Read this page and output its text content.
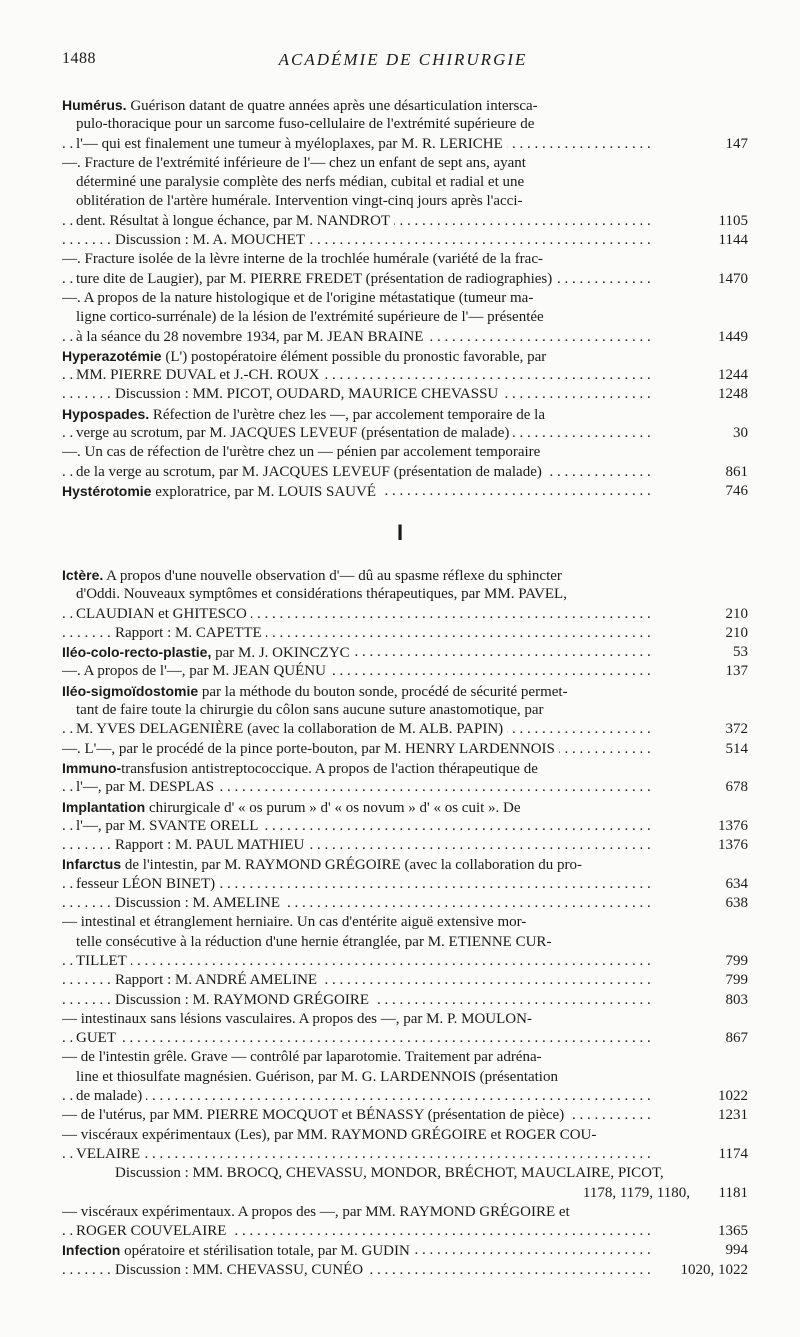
1488	ACADÉMIE DE CHIRURGIE
Humérus. Guérison datant de quatre années après une désarticulation intersca-
pulo-thoracique pour un sarcome fuso-cellulaire de l'extrémité supérieure de
l'— qui est finalement une tumeur à myéloplaxes, par M. R. LERICHE	147
—. Fracture de l'extrémité inférieure de l'— chez un enfant de sept ans, ayant
déterminé une paralysie complète des nerfs médian, cubital et radial et une
oblitération de l'artère humérale. Intervention vingt-cinq jours après l'acci-
dent. Résultat à longue échance, par M. NANDROT	1105
Discussion : M. A. MOUCHET	1144
—. Fracture isolée de la lèvre interne de la trochlée humérale (variété de la frac-
ture dite de Laugier), par M. PIERRE FREDET (présentation de radiographies)	1470
—. A propos de la nature histologique et de l'origine métastatique (tumeur ma-
ligne cortico-surrénale) de la lésion de l'extrémité supérieure de l'— présentée
à la séance du 28 novembre 1934, par M. JEAN BRAINE	1449
Hyperazotémie (L') postopératoire élément possible du pronostic favorable, par
MM. PIERRE DUVAL et J.-CH. ROUX	1244
Discussion : MM. PICOT, OUDARD, MAURICE CHEVASSU	1248
Hypospades. Réfection de l'urètre chez les —, par accolement temporaire de la
verge au scrotum, par M. JACQUES LEVEUF (présentation de malade)	30
—. Un cas de réfection de l'urètre chez un — pénien par accolement temporaire
de la verge au scrotum, par M. JACQUES LEVEUF (présentation de malade)	861
Hystérotomie exploratrice, par M. LOUIS SAUVÉ	746
I
Ictère. A propos d'une nouvelle observation d'— dû au spasme réflexe du sphincter
d'Oddi. Nouveaux symptômes et considérations thérapeutiques, par MM. PAVEL,
CLAUDIAN et GHITESCO	210
Rapport : M. CAPETTE	210
Iléo-colo-recto-plastie, par M. J. OKINCZYC	53
—. A propos de l'—, par M. JEAN QUÉNU	137
Iléo-sigmoïdostomie par la méthode du bouton sonde, procédé de sécurité permet-
tant de faire toute la chirurgie du côlon sans aucune suture anastomotique, par
M. YVES DELAGENIÈRE (avec la collaboration de M. ALB. PAPIN)	372
—. L'—, par le procédé de la pince porte-bouton, par M. HENRY LARDENNOIS	514
Immuno-transfusion antistreptococcique. A propos de l'action thérapeutique de
l'—, par M. DESPLAS	678
Implantation chirurgicale d' « os purum » d' « os novum » d' « os cuit ». De
l'—, par M. SVANTE ORELL	1376
Rapport : M. PAUL MATHIEU	1376
Infarctus de l'intestin, par M. RAYMOND GRÉGOIRE (avec la collaboration du pro-
fesseur LÉON BINET)	634
Discussion : M. AMELINE	638
— intestinal et étranglement herniaire. Un cas d'entérite aiguë extensive mor-
telle consécutive à la réduction d'une hernie étranglée, par M. ETIENNE CUR-
TILLET	799
Rapport : M. ANDRÉ AMELINE	799
Discussion : M. RAYMOND GRÉGOIRE	803
— intestinaux sans lésions vasculaires. A propos des —, par M. P. MOULON-
GUET	867
— de l'intestin grêle. Grave — contrôlé par laparotomie. Traitement par adréna-
line et thiosulfate magnésien. Guérison, par M. G. LARDENNOIS (présentation
de malade)	1022
— de l'utérus, par MM. PIERRE MOCQUOT et BÉNASSY (présentation de pièce)	1231
— viscéraux expérimentaux (Les), par MM. RAYMOND GRÉGOIRE et ROGER COU-
VELAIRE	1174
Discussion : MM. BROCQ, CHEVASSU, MONDOR, BRÉCHOT, MAUCLAIRE, PICOT,
1178, 1179, 1180,	1181
— viscéraux expérimentaux. A propos des —, par MM. RAYMOND GRÉGOIRE et
ROGER COUVELAIRE	1365
Infection opératoire et stérilisation totale, par M. GUDIN	994
Discussion : MM. CHEVASSU, CUNÉO	1020, 1022
